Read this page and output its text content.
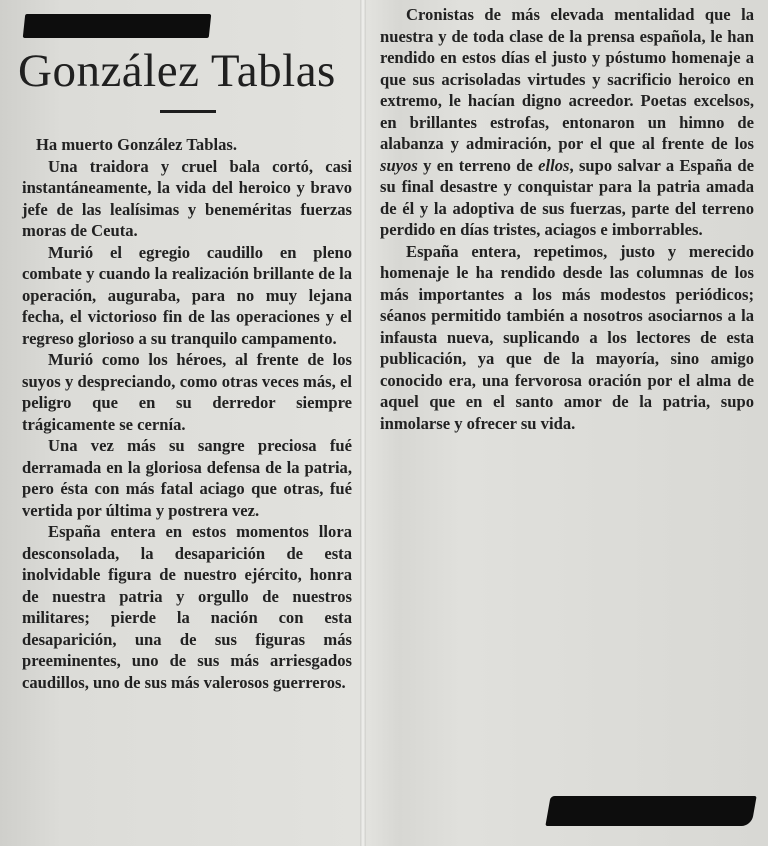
González Tablas

Ha muerto González Tablas.

Una traidora y cruel bala cortó, casi instantáneamente, la vida del heroico y bravo jefe de las lealísimas y beneméritas fuerzas moras de Ceuta.

Murió el egregio caudillo en pleno combate y cuando la realización brillante de la operación, auguraba, para no muy lejana fecha, el victorioso fin de las operaciones y el regreso glorioso a su tranquilo campamento.

Murió como los héroes, al frente de los suyos y despreciando, como otras veces más, el peligro que en su derredor siempre trágicamente se cernía.

Una vez más su sangre preciosa fué derramada en la gloriosa defensa de la patria, pero ésta con más fatal aciago que otras, fué vertida por última y postrera vez.

España entera en estos momentos llora desconsolada, la desaparición de esta inolvidable figura de nuestro ejército, honra de nuestra patria y orgullo de nuestros militares; pierde la nación con esta desaparición, una de sus figuras más preeminentes, uno de sus más arriesgados caudillos, uno de sus más valerosos guerreros.

Cronistas de más elevada mentalidad que la nuestra y de toda clase de la prensa española, le han rendido en estos días el justo y póstumo homenaje a que sus acrisoladas virtudes y sacrificio heroico en extremo, le hacían digno acreedor. Poetas excelsos, en brillantes estrofas, entonaron un himno de alabanza y admiración, por el que al frente de los suyos y en terreno de ellos, supo salvar a España de su final desastre y conquistar para la patria amada de él y la adoptiva de sus fuerzas, parte del terreno perdido en días tristes, aciagos e imborrables.

España entera, repetimos, justo y merecido homenaje le ha rendido desde las columnas de los más importantes a los más modestos periódicos; séanos permitido también a nosotros asociarnos a la infausta nueva, suplicando a los lectores de esta publicación, ya que de la mayoría, sino amigo conocido era, una fervorosa oración por el alma de aquel que en el santo amor de la patria, supo inmolarse y ofrecer su vida.
